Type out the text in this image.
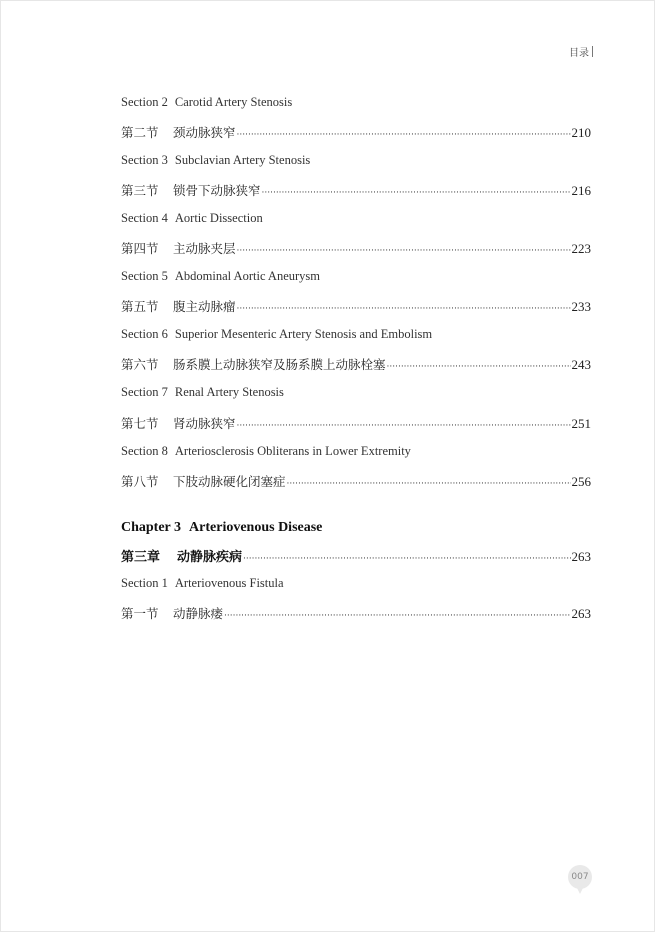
目录
Section 2 Carotid Artery Stenosis
第二节	颈动脉狭窄 ·····	210
Section 3 Subclavian Artery Stenosis
第三节	锁骨下动脉狭窄 ·····	216
Section 4 Aortic Dissection
第四节	主动脉夹层 ·····	223
Section 5 Abdominal Aortic Aneurysm
第五节	腹主动脉瘤 ·····	233
Section 6 Superior Mesenteric Artery Stenosis and Embolism
第六节	肠系膜上动脉狭窄及肠系膜上动脉栓塞 ·····	243
Section 7 Renal Artery Stenosis
第七节	肾动脉狭窄 ·····	251
Section 8 Arteriosclerosis Obliterans in Lower Extremity
第八节	下肢动脉硬化闭塞症 ·····	256
Chapter 3 Arteriovenous Disease
第三章	动静脉疾病 ·····	263
Section 1 Arteriovenous Fistula
第一节	动静脉瘘 ·····	263
007
